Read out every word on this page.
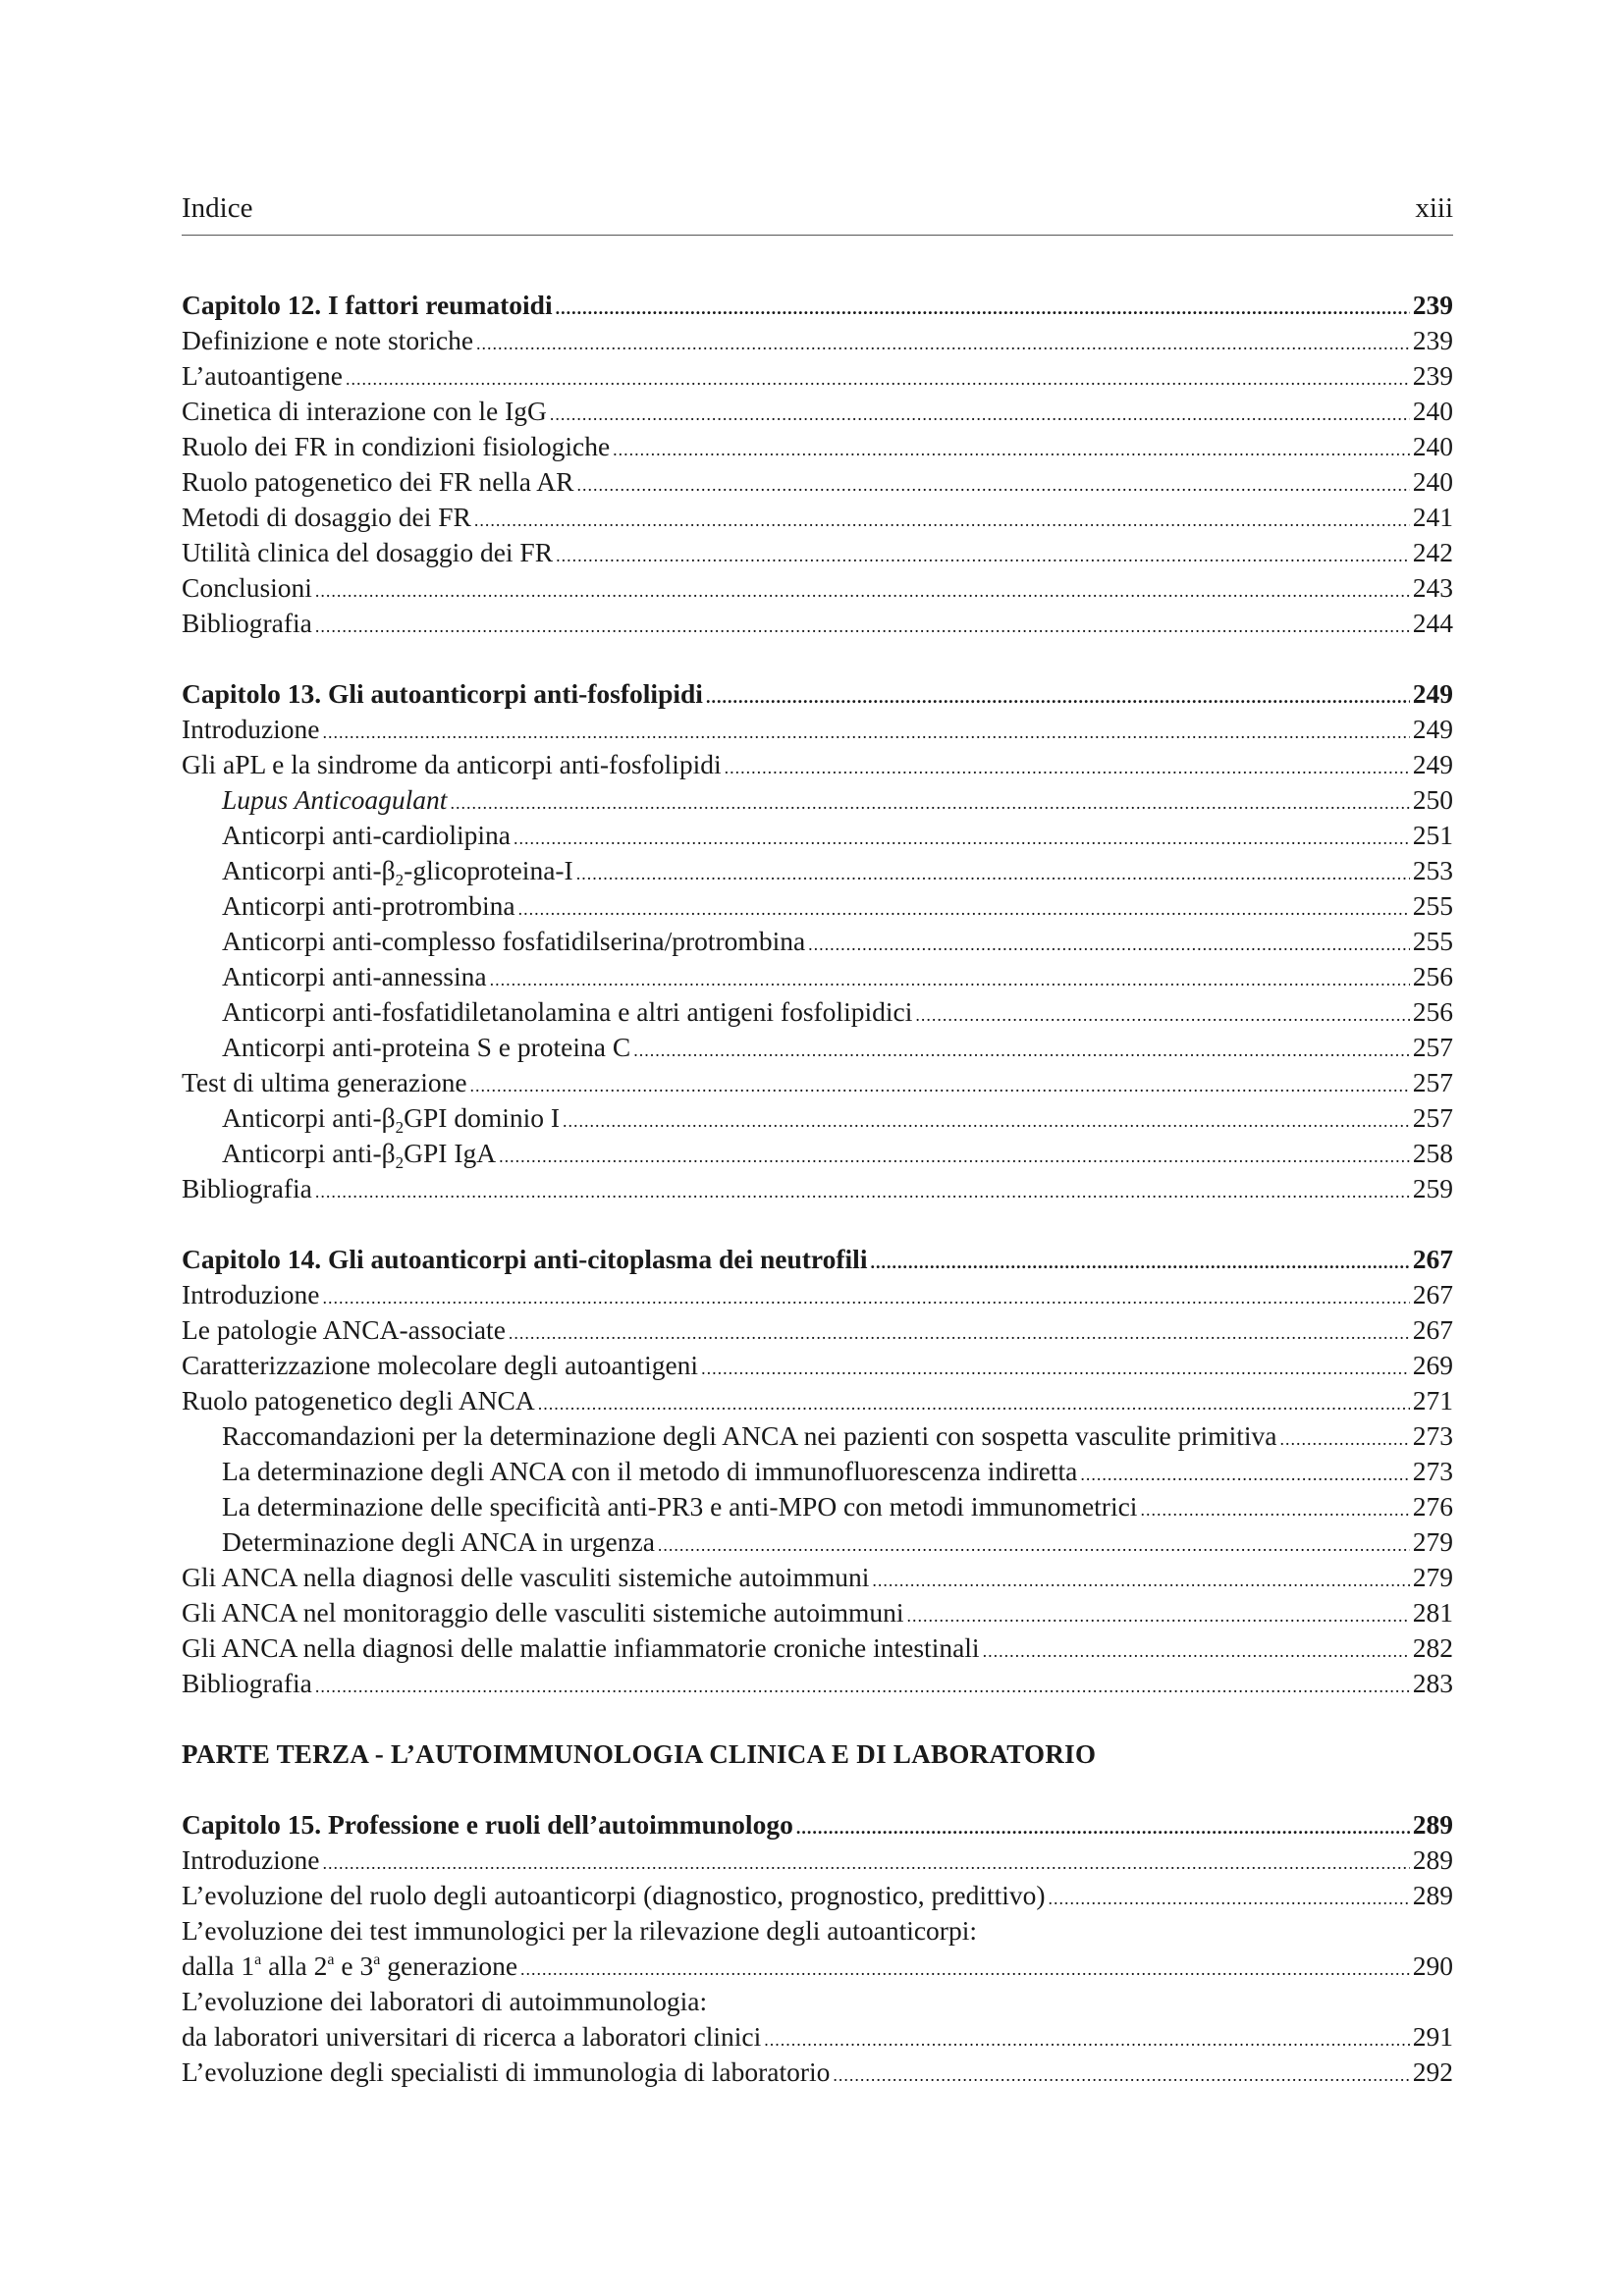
Indice	xiii
Capitolo 12. I fattori reumatoidi .....	239
Definizione e note storiche .....	239
L’autoantigene .....	239
Cinetica di interazione con le IgG .....	240
Ruolo dei FR in condizioni fisiologiche .....	240
Ruolo patogenetico dei FR nella AR .....	240
Metodi di dosaggio dei FR .....	241
Utilità clinica del dosaggio dei FR .....	242
Conclusioni .....	243
Bibliografia .....	244
Capitolo 13. Gli autoanticorpi anti-fosfolipidi .....	249
Introduzione .....	249
Gli aPL e la sindrome da anticorpi anti-fosfolipidi .....	249
Lupus Anticoagulant .....	250
Anticorpi anti-cardiolipina .....	251
Anticorpi anti-$\beta_2-glicoproteina-I$ .....	253
Anticorpi anti-protrombina .....	255
Anticorpi anti-complesso fosfatidilserina/protrombina .....	255
Anticorpi anti-annessina .....	256
Anticorpi anti-fosfatidiletanolamina e altri antigeni fosfolipidici .....	256
Anticorpi anti-proteina S e proteina C .....	257
Test di ultima generazione .....	257
Anticorpi anti-$\beta_2GPI$ dominio I .....	257
Anticorpi anti-$\beta_2GPI$ IgA .....	258
Bibliografia .....	259
Capitolo 14. Gli autoanticorpi anti-citoplasma dei neutrofili .....	267
Introduzione .....	267
Le patologie ANCA-associate .....	267
Caratterizzazione molecolare degli autoantigeni .....	269
Ruolo patogenetico degli ANCA .....	271
Raccomandazioni per la determinazione degli ANCA nei pazienti con sospetta vasculite primitiva .....	273
La determinazione degli ANCA con il metodo di immunofluorescenza indiretta .....	273
La determinazione delle specificità anti-PR3 e anti-MPO con metodi immunometrici .....	276
Determinazione degli ANCA in urgenza .....	279
Gli ANCA nella diagnosi delle vasculiti sistemiche autoimmuni .....	279
Gli ANCA nel monitoraggio delle vasculiti sistemiche autoimmuni .....	281
Gli ANCA nella diagnosi delle malattie infiammatorie croniche intestinali .....	282
Bibliografia .....	283
PARTE TERZA - L’AUTOIMMUNOLOGIA CLINICA E DI LABORATORIO
Capitolo 15. Professione e ruoli dell’autoimmunologo .....	289
Introduzione .....	289
L’evoluzione del ruolo degli autoanticorpi (diagnostico, prognostico, predittivo) .....	289
L’evoluzione dei test immunologici per la rilevazione degli autoanticorpi:
dalla 1$^a$ alla 2$^a$ e 3$^a$ generazione .....	290
L’evoluzione dei laboratori di autoimmunologia:
da laboratori universitari di ricerca a laboratori clinici .....	291
L’evoluzione degli specialisti di immunologia di laboratorio .....	292
